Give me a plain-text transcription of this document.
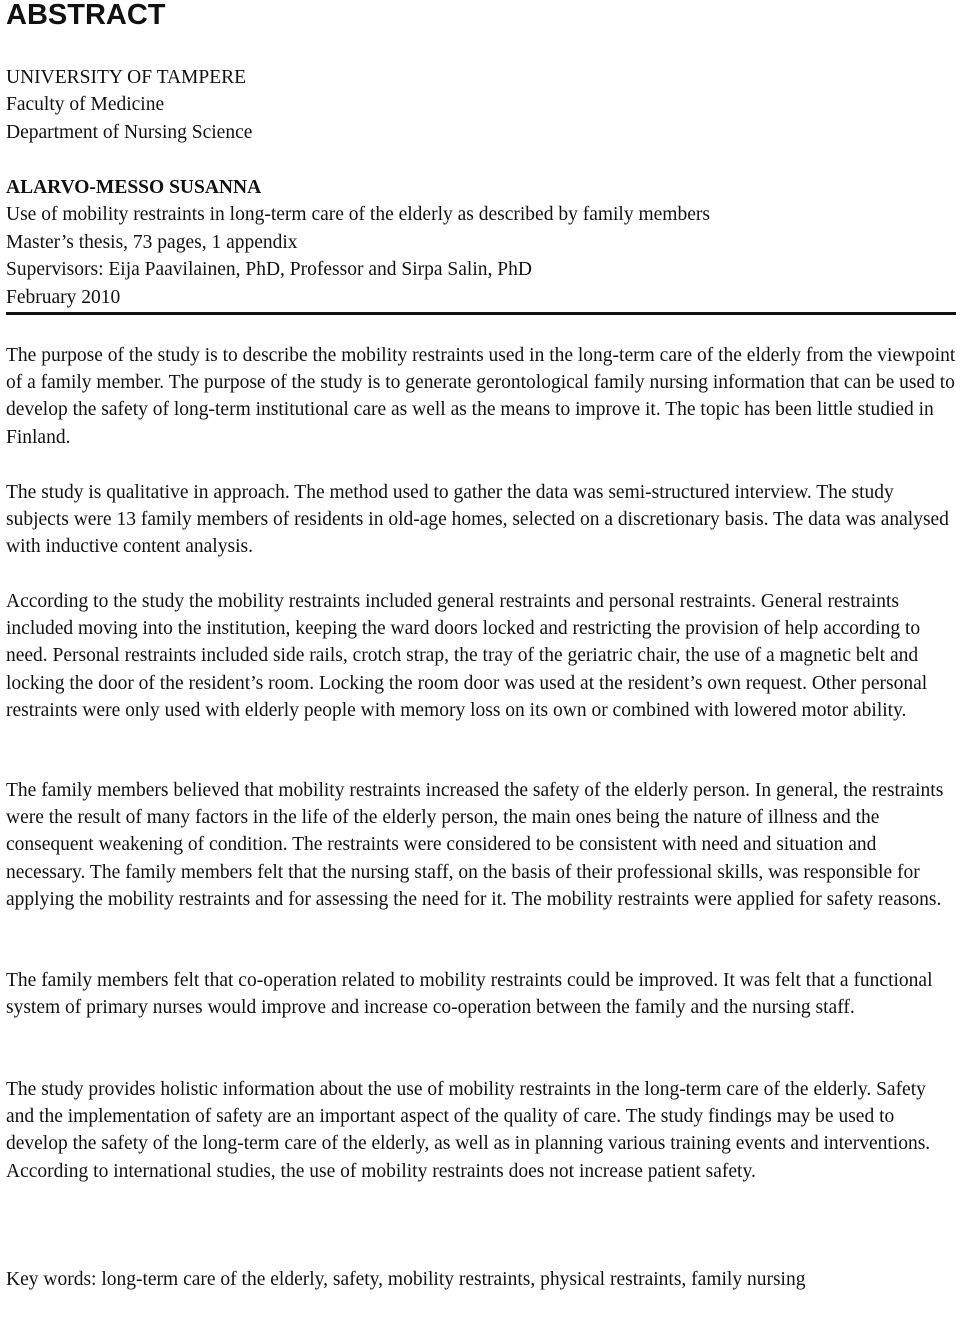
ABSTRACT
UNIVERSITY OF TAMPERE
Faculty of Medicine
Department of Nursing Science
ALARVO-MESSO SUSANNA
Use of mobility restraints in long-term care of the elderly as described by family members
Master’s thesis, 73 pages, 1 appendix
Supervisors: Eija Paavilainen, PhD, Professor and Sirpa Salin, PhD
February 2010

The purpose of the study is to describe the mobility restraints used in the long-term care of the elderly from the viewpoint of a family member. The purpose of the study is to generate gerontological family nursing information that can be used to develop the safety of long-term institutional care as well as the means to improve it. The topic has been little studied in Finland.

The study is qualitative in approach. The method used to gather the data was semi-structured interview. The study subjects were 13 family members of residents in old-age homes, selected on a discretionary basis. The data was analysed with inductive content analysis.

According to the study the mobility restraints included general restraints and personal restraints. General restraints included moving into the institution, keeping the ward doors locked and restricting the provision of help according to need. Personal restraints included side rails, crotch strap, the tray of the geriatric chair, the use of a magnetic belt and locking the door of the resident’s room. Locking the room door was used at the resident’s own request. Other personal restraints were only used with elderly people with memory loss on its own or combined with lowered motor ability.

The family members believed that mobility restraints increased the safety of the elderly person. In general, the restraints were the result of many factors in the life of the elderly person, the main ones being the nature of illness and the consequent weakening of condition. The restraints were considered to be consistent with need and situation and necessary. The family members felt that the nursing staff, on the basis of their professional skills, was responsible for applying the mobility restraints and for assessing the need for it. The mobility restraints were applied for safety reasons.

The family members felt that co-operation related to mobility restraints could be improved. It was felt that a functional system of primary nurses would improve and increase co-operation between the family and the nursing staff.

The study provides holistic information about the use of mobility restraints in the long-term care of the elderly. Safety and the implementation of safety are an important aspect of the quality of care. The study findings may be used to develop the safety of the long-term care of the elderly, as well as in planning various training events and interventions. According to international studies, the use of mobility restraints does not increase patient safety.

Key words: long-term care of the elderly, safety, mobility restraints, physical restraints, family nursing
